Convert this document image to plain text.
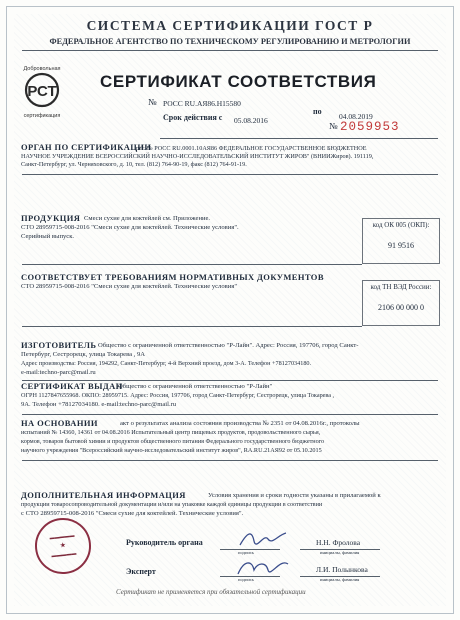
СИСТЕМА СЕРТИФИКАЦИИ ГОСТ Р
ФЕДЕРАЛЬНОЕ АГЕНТСТВО ПО ТЕХНИЧЕСКОМУ РЕГУЛИРОВАНИЮ И МЕТРОЛОГИИ
Добровольная
РСТ
сертификация
СЕРТИФИКАТ СООТВЕТСТВИЯ
№ РОСС RU.АЯ86.Н15580
Срок действия с 05.08.2016
по
04.08.2019
№ 2059953
ОРГАН ПО СЕРТИФИКАЦИИ
рег. № РОСС RU.0001.10АЯ86 ФЕДЕРАЛЬНОЕ ГОСУДАРСТВЕННОЕ БЮДЖЕТНОЕ
НАУЧНОЕ УЧРЕЖДЕНИЕ ВСЕРОССИЙСКИЙ НАУЧНО-ИССЛЕДОВАТЕЛЬСКИЙ ИНСТИТУТ ЖИРОВ" (ВНИИЖиров). 191119,
Санкт-Петербург, ул. Черняховского, д. 10, тел. (812) 764-90-19, факс (812) 764-91-19.
ПРОДУКЦИЯ Смеси сухие для коктейлей см. Приложение.
СТО 28959715-008-2016 "Смеси сухие для коктейлей. Технические условия".
Серийный выпуск.
код ОК 005 (ОКП):
91 9516
СООТВЕТСТВУЕТ ТРЕБОВАНИЯМ НОРМАТИВНЫХ ДОКУМЕНТОВ
СТО 28959715-008-2016 "Смеси сухие для коктейлей. Технические условия"	код ТН ВЭД России:
2106 00 000 0
ИЗГОТОВИТЕЛЬ Общество с ограниченной ответственностью "Р-Лайн". Адрес: Россия, 197706, город Санкт-
Петербург, Сестрорецк, улица Токарева , 9А
Адрес производства: Россия, 194292, Санкт-Петербург, 4-й Верхний проезд, дом 3-А. Телефон +78127034180.
e-mail:techno-parc@mail.ru
СЕРТИФИКАТ ВЫДАН
Общество с ограниченной ответственностью "Р-Лайн"
ОГРН 1127847655968. ОКПО: 28959715. Адрес: Россия, 197706, город Санкт-Петербург, Сестрорецк, улица Токарева ,
9А. Телефон +78127034180. e-mail:techno-parc@mail.ru
НА ОСНОВАНИИ	акт о результатах анализа состояния производства № 2351 от 04.08.2016г., протоколы
испытаний № 14360, 14361 от 04.08.2016 Испытательный центр пищевых продуктов, продовольственного сырья,
кормов, товаров бытовой химии и продуктов общественного питания Федерального государственного бюджетного
научного учреждения "Всероссийский научно-исследовательский институт жиров", RA.RU.21АЯ92 от 05.10.2015
ДОПОЛНИТЕЛЬНАЯ ИНФОРМАЦИЯ	Условия хранения и сроки годности указаны в прилагаемой к
продукции товаросопроводительной документации и/или на упаковке каждой единицы продукции в соответствии
с СТО 28959715-008-2016 "Смеси сухие для коктейлей. Технические условия".
▬▬▬▬▬
★
▬▬▬▬▬
Руководитель органа	Н.Н. Фролова
подпись	инициалы, фамилия
Эксперт	Л.И. Полынкова
подпись	инициалы, фамилия
Сертификат не применяется при обязательной сертификации
